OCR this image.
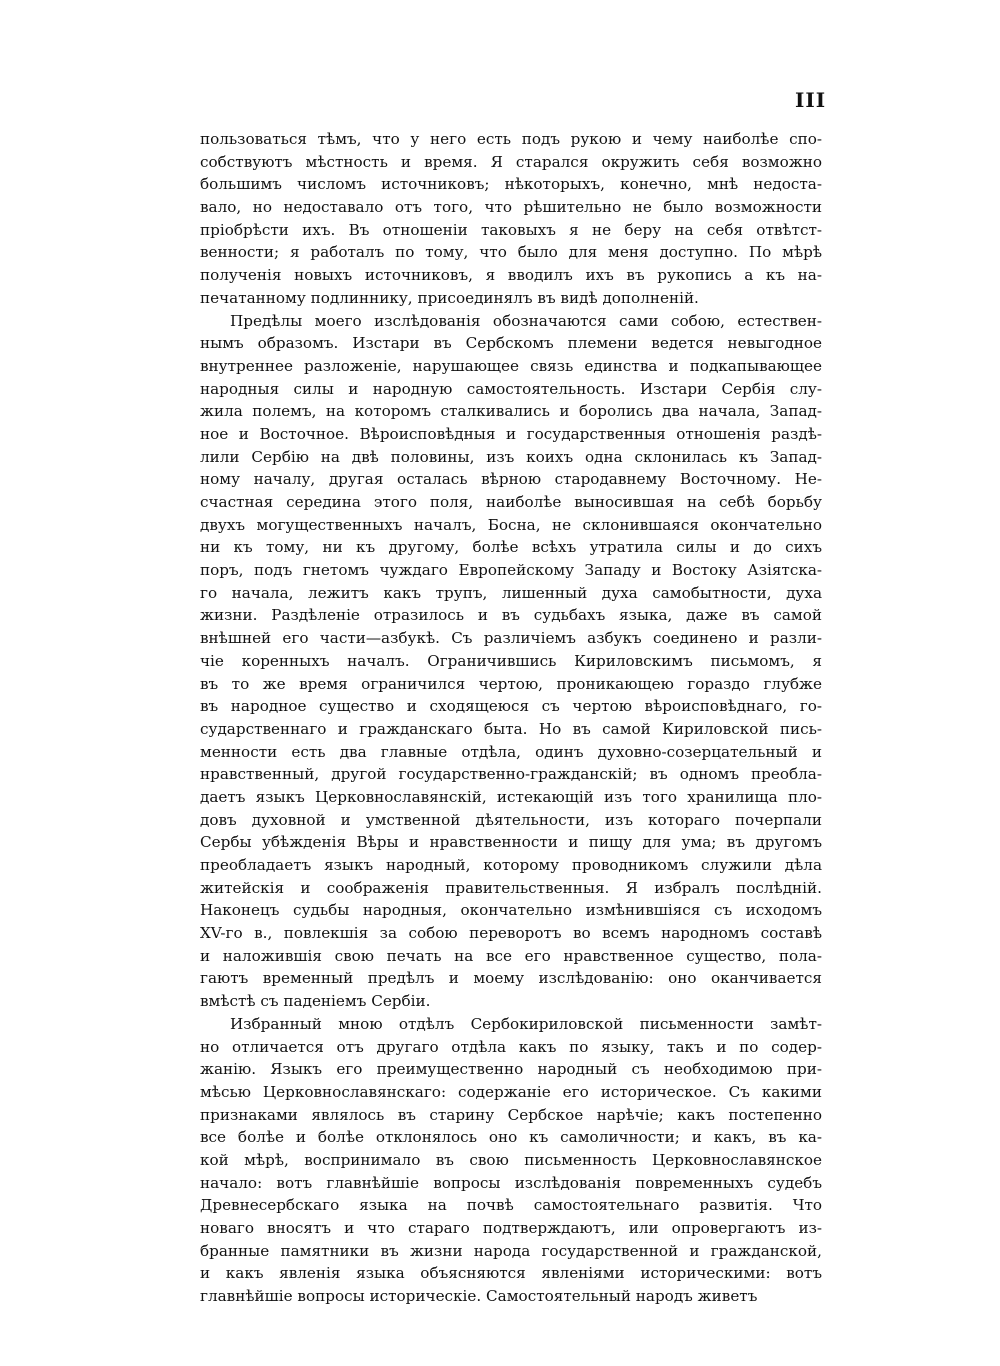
III
пользоваться тѣмъ, что у него есть подъ рукою и чему наиболѣе спо-
собствуютъ мѣстность и время. Я старался окружить себя возможно
большимъ числомъ источниковъ; нѣкоторыхъ, конечно, мнѣ недоста-
вало, но недоставало отъ того, что рѣшительно не было возможности
пріобрѣсти ихъ. Въ отношеніи таковыхъ я не беру на себя отвѣтст-
венности; я работалъ по тому, что было для меня доступно. По мѣрѣ
полученія новыхъ источниковъ, я вводилъ ихъ въ рукопись а къ на-
печатанному подлиннику, присоединялъ въ видѣ дополненій.
Предѣлы моего изслѣдованія обозначаются сами собою, естествен-
нымъ образомъ. Изстари въ Сербскомъ племени ведется невыгодное
внутреннее разложеніе, нарушающее связь единства и подкапывающее
народныя силы и народную самостоятельность. Изстари Сербія слу-
жила полемъ, на которомъ сталкивались и боролись два начала, Запад-
ное и Восточное. Вѣроисповѣдныя и государственныя отношенія раздѣ-
лили Сербію на двѣ половины, изъ коихъ одна склонилась къ Запад-
ному началу, другая осталась вѣрною стародавнему Восточному. Не-
счастная середина этого поля, наиболѣе выносившая на себѣ борьбу
двухъ могущественныхъ началъ, Босна, не склонившаяся окончательно
ни къ тому, ни къ другому, болѣе всѣхъ утратила силы и до сихъ
поръ, подъ гнетомъ чуждаго Европейскому Западу и Востоку Азіятска-
го начала, лежитъ какъ трупъ, лишенный духа самобытности, духа
жизни. Раздѣленіе отразилось и въ судьбахъ языка, даже въ самой
внѣшней его части—азбукѣ. Съ различіемъ азбукъ соединено и разли-
чіе коренныхъ началъ. Ограничившись Кириловскимъ письмомъ, я
въ то же время ограничился чертою, проникающею гораздо глубже
въ народное существо и сходящеюся съ чертою вѣроисповѣднаго, го-
сударственнаго и гражданскаго быта. Но въ самой Кириловской пись-
менности есть два главные отдѣла, одинъ духовно-созерцательный и
нравственный, другой государственно-гражданскій; въ одномъ преобла-
даетъ языкъ Церковнославянскій, истекающій изъ того хранилища пло-
довъ духовной и умственной дѣятельности, изъ котораго почерпали
Сербы убѣжденія Вѣры и нравственности и пищу для ума; въ другомъ
преобладаетъ языкъ народный, которому проводникомъ служили дѣла
житейскія и соображенія правительственныя. Я избралъ послѣдній.
Наконецъ судьбы народныя, окончательно измѣнившіяся съ исходомъ
XV-го в., повлекшія за собою переворотъ во всемъ народномъ составѣ
и наложившія свою печать на все его нравственное существо, пола-
гаютъ временный предѣлъ и моему изслѣдованію: оно оканчивается
вмѣстѣ съ паденіемъ Сербіи.
Избранный мною отдѣлъ Сербокириловской письменности замѣт-
но отличается отъ другаго отдѣла какъ по языку, такъ и по содер-
жанію. Языкъ его преимущественно народный съ необходимою при-
мѣсью Церковнославянскаго: содержаніе его историческое. Съ какими
признаками являлось въ старину Сербское нарѣчіе; какъ постепенно
все болѣе и болѣе отклонялось оно къ самоличности; и какъ, въ ка-
кой мѣрѣ, воспринимало въ свою письменность Церковнославянское
начало: вотъ главнѣйшіе вопросы изслѣдованія повременныхъ судебъ
Древнесербскаго языка на почвѣ самостоятельнаго развитія. Что
новаго вносятъ и что стараго подтверждаютъ, или опровергаютъ из-
бранные памятники въ жизни народа государственной и гражданской,
и какъ явленія языка объясняются явленіями историческими: вотъ
главнѣйшіе вопросы историческіе. Самостоятельный народъ живетъ
